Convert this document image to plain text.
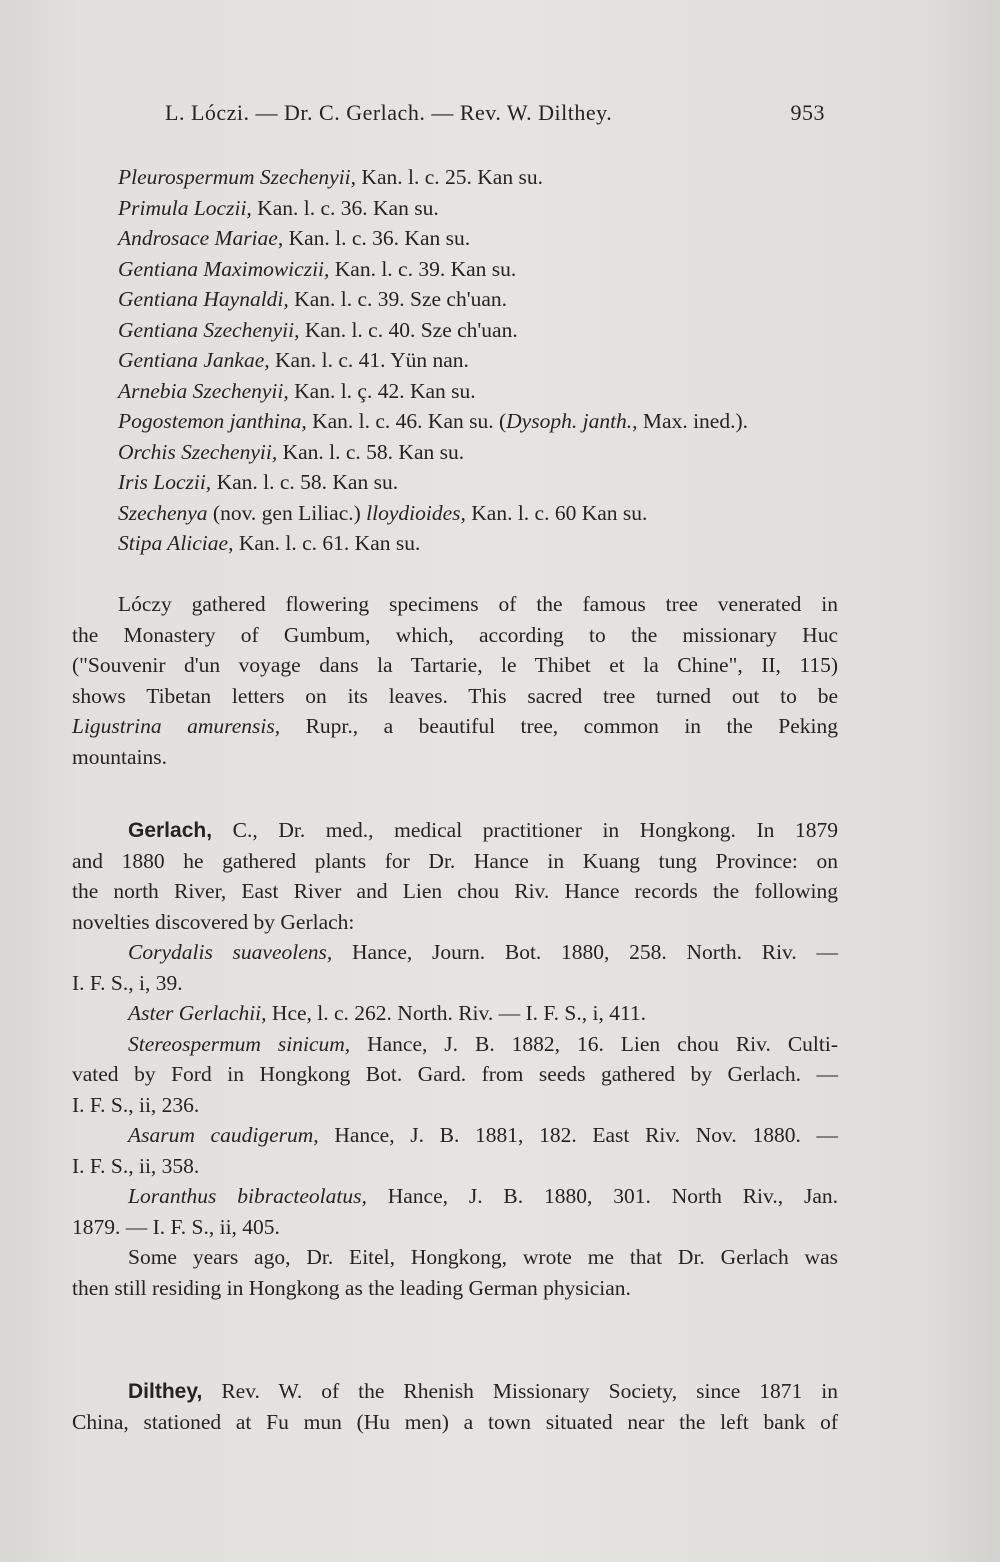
L. Lóczi. — Dr. C. Gerlach. — Rev. W. Dilthey.	953
Pleurospermum Szechenyii, Kan. l. c. 25. Kan su.
Primula Loczii, Kan. l. c. 36. Kan su.
Androsace Mariae, Kan. l. c. 36. Kan su.
Gentiana Maximowiczii, Kan. l. c. 39. Kan su.
Gentiana Haynaldi, Kan. l. c. 39. Sze ch'uan.
Gentiana Szechenyii, Kan. l. c. 40. Sze ch'uan.
Gentiana Jankae, Kan. l. c. 41. Yün nan.
Arnebia Szechenyii, Kan. l. ç. 42. Kan su.
Pogostemon janthina, Kan. l. c. 46. Kan su. (Dysoph. janth., Max. ined.).
Orchis Szechenyii, Kan. l. c. 58. Kan su.
Iris Loczii, Kan. l. c. 58. Kan su.
Szechenya (nov. gen Liliac.) lloydioides, Kan. l. c. 60 Kan su.
Stipa Aliciae, Kan. l. c. 61. Kan su.
Lóczy gathered flowering specimens of the famous tree venerated in
the Monastery of Gumbum, which, according to the missionary Huc
("Souvenir d'un voyage dans la Tartarie, le Thibet et la Chine", II, 115)
shows Tibetan letters on its leaves. This sacred tree turned out to be
Ligustrina amurensis, Rupr., a beautiful tree, common in the Peking
mountains.
Gerlach, C., Dr. med., medical practitioner in Hongkong. In 1879
and 1880 he gathered plants for Dr. Hance in Kuang tung Province: on
the north River, East River and Lien chou Riv. Hance records the following
novelties discovered by Gerlach:
Corydalis suaveolens, Hance, Journ. Bot. 1880, 258. North. Riv. —
I. F. S., i, 39.
Aster Gerlachii, Hce, l. c. 262. North. Riv. — I. F. S., i, 411.
Stereospermum sinicum, Hance, J. B. 1882, 16. Lien chou Riv. Culti-
vated by Ford in Hongkong Bot. Gard. from seeds gathered by Gerlach. —
I. F. S., ii, 236.
Asarum caudigerum, Hance, J. B. 1881, 182. East Riv. Nov. 1880. —
I. F. S., ii, 358.
Loranthus bibracteolatus, Hance, J. B. 1880, 301. North Riv., Jan.
1879. — I. F. S., ii, 405.
Some years ago, Dr. Eitel, Hongkong, wrote me that Dr. Gerlach was
then still residing in Hongkong as the leading German physician.
Dilthey, Rev. W. of the Rhenish Missionary Society, since 1871 in
China, stationed at Fu mun (Hu men) a town situated near the left bank of
